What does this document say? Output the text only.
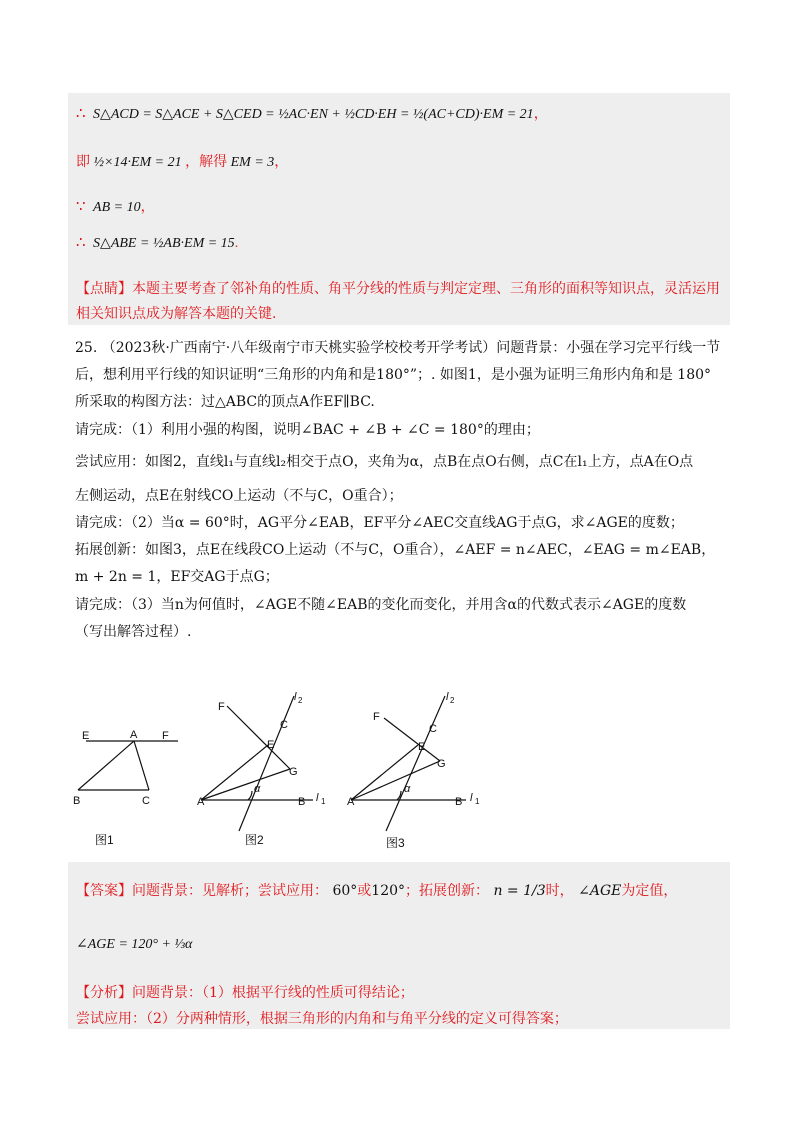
∴ S△ACD = S△ACE + S△CED = ½AC·EN + ½CD·EH = ½(AC+CD)·EM = 21，
即 ½×14·EM = 21 ，解得 EM = 3，
∵ AB = 10，
∴ S△ABE = ½AB·EM = 15.
【点睛】本题主要考查了邻补角的性质、角平分线的性质与判定定理、三角形的面积等知识点，灵活运用
相关知识点成为解答本题的关键.
25. （2023秋·广西南宁·八年级南宁市天桃实验学校校考开学考试）问题背景：小强在学习完平行线一节
后，想利用平行线的知识证明“三角形的内角和是180°”；. 如图1，是小强为证明三角形内角和是 180°
所采取的构图方法：过△ABC的顶点A作EF∥BC.
请完成：（1）利用小强的构图，说明∠BAC + ∠B + ∠C = 180°的理由；
尝试应用：如图2，直线l₁与直线l₂相交于点O，夹角为α，点B在点O右侧，点C在l₁上方，点A在O点
左侧运动，点E在射线CO上运动（不与C，O重合）；
请完成：（2）当α = 60°时，AG平分∠EAB，EF平分∠AEC交直线AG于点G，求∠AGE的度数；
拓展创新：如图3，点E在线段CO上运动（不与C，O重合），∠AEF = n∠AEC，∠EAG = m∠EAB，
m + 2n = 1，EF交AG于点G；
请完成：（3）当n为何值时，∠AGE不随∠EAB的变化而变化，并用含α的代数式表示∠AGE的度数
（写出解答过程）.
E	A F
B	C
图1
F
C
E
G
A
α
B l 1
l 2
图2
F
C
E
G
A
α
B l 1
l 2
图3
【答案】问题背景：见解析；尝试应用： 60°或120°；拓展创新： n = 1/3时， ∠AGE为定值，
∠AGE = 120° + ⅓α
【分析】问题背景：（1）根据平行线的性质可得结论；
尝试应用：（2）分两种情形，根据三角形的内角和与角平分线的定义可得答案；
